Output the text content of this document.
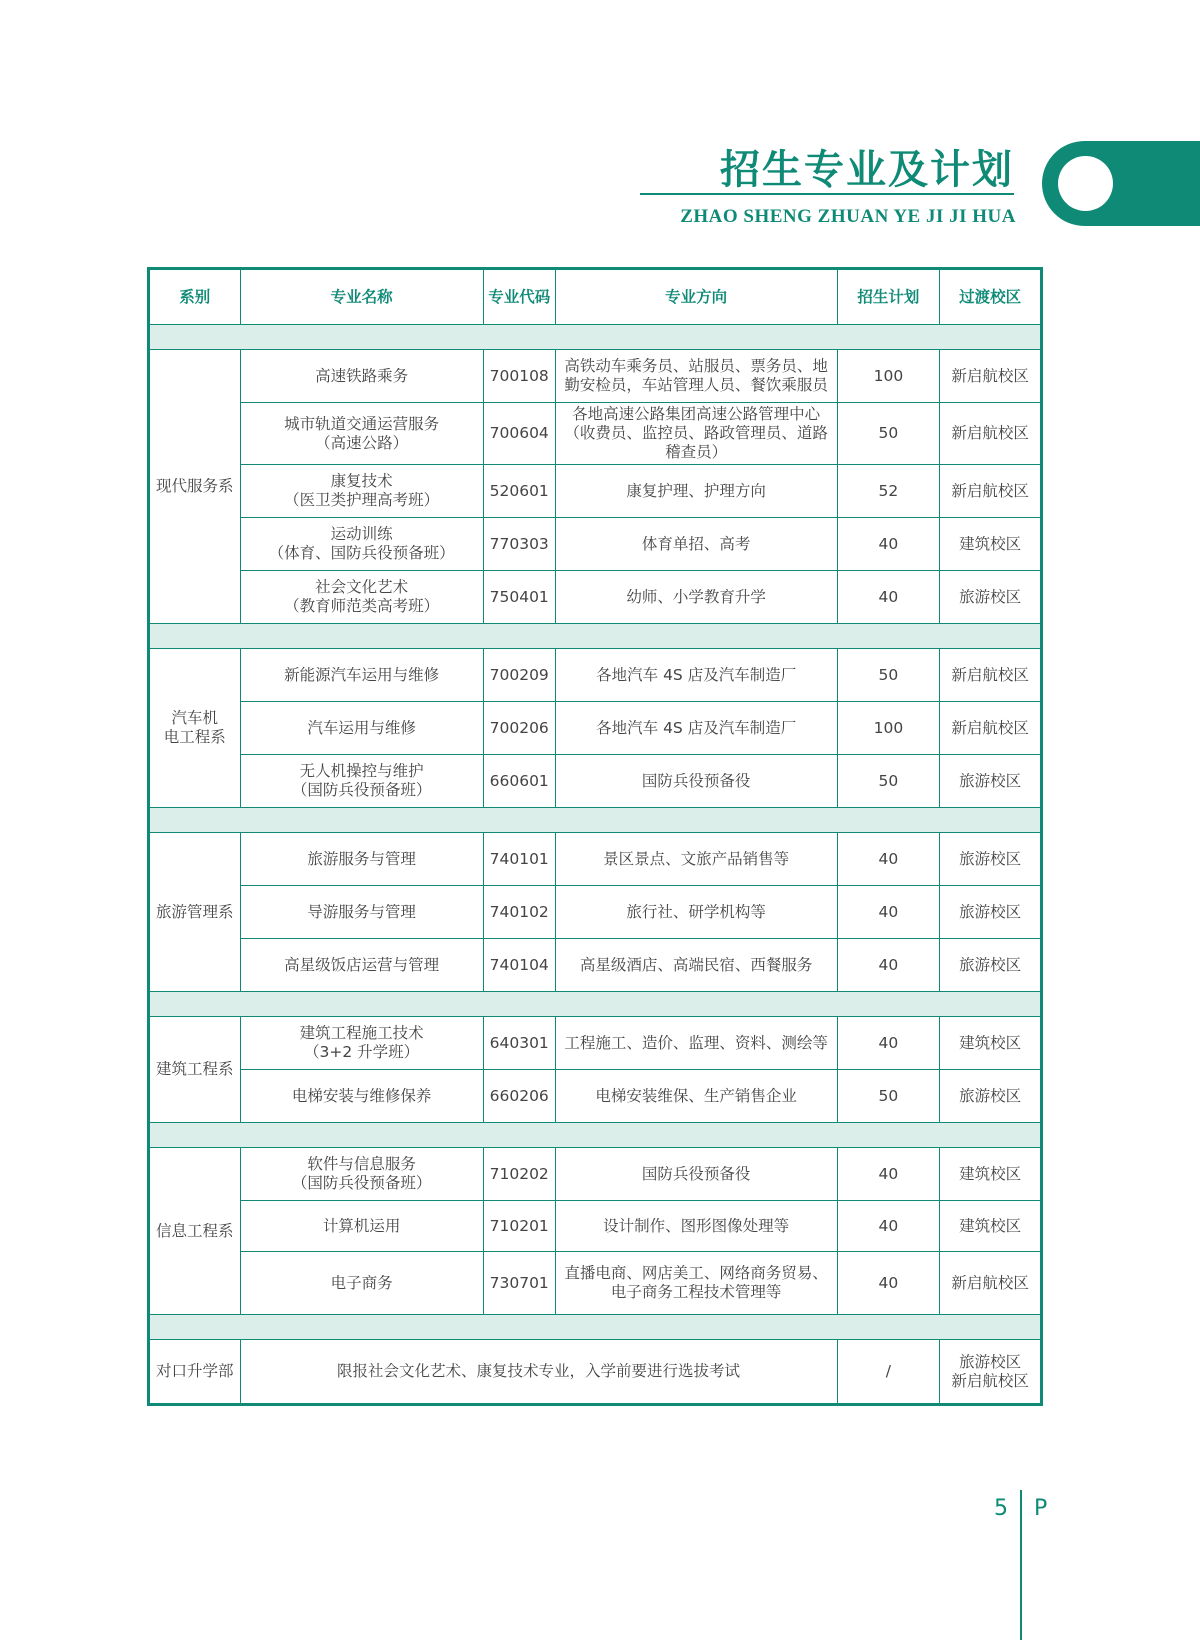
招生专业及计划
ZHAO SHENG ZHUAN YE JI JI HUA
系别	专业名称	专业代码	专业方向	招生计划	过渡校区

现代服务系	高速铁路乘务	700108	高铁动车乘务员、站服员、票务员、地
勤安检员，车站管理人员、餐饮乘服员	100	新启航校区

	城市轨道交通运营服务
（高速公路）	700604	各地高速公路集团高速公路管理中心
（收费员、监控员、路政管理员、道路
稽查员）	50	新启航校区

	康复技术
（医卫类护理高考班）	520601	康复护理、护理方向	52	新启航校区

	运动训练
（体育、国防兵役预备班）	770303	体育单招、高考	40	建筑校区

	社会文化艺术
（教育师范类高考班）	750401	幼师、小学教育升学	40	旅游校区

汽车机
电工程系	新能源汽车运用与维修	700209	各地汽车 4S 店及汽车制造厂	50	新启航校区

	汽车运用与维修	700206	各地汽车 4S 店及汽车制造厂	100	新启航校区

	无人机操控与维护
（国防兵役预备班）	660601	国防兵役预备役	50	旅游校区

旅游管理系	旅游服务与管理	740101	景区景点、文旅产品销售等	40	旅游校区

	导游服务与管理	740102	旅行社、研学机构等	40	旅游校区

	高星级饭店运营与管理	740104	高星级酒店、高端民宿、西餐服务	40	旅游校区

建筑工程系	建筑工程施工技术
（3+2 升学班）	640301	工程施工、造价、监理、资料、测绘等	40	建筑校区

	电梯安装与维修保养	660206	电梯安装维保、生产销售企业	50	旅游校区

信息工程系	软件与信息服务
（国防兵役预备班）	710202	国防兵役预备役	40	建筑校区

	计算机运用	710201	设计制作、图形图像处理等	40	建筑校区

	电子商务	730701	直播电商、网店美工、网络商务贸易、
电子商务工程技术管理等	40	新启航校区

对口升学部	限报社会文化艺术、康复技术专业，入学前要进行选拔考试			/	旅游校区
新启航校区
5 P
